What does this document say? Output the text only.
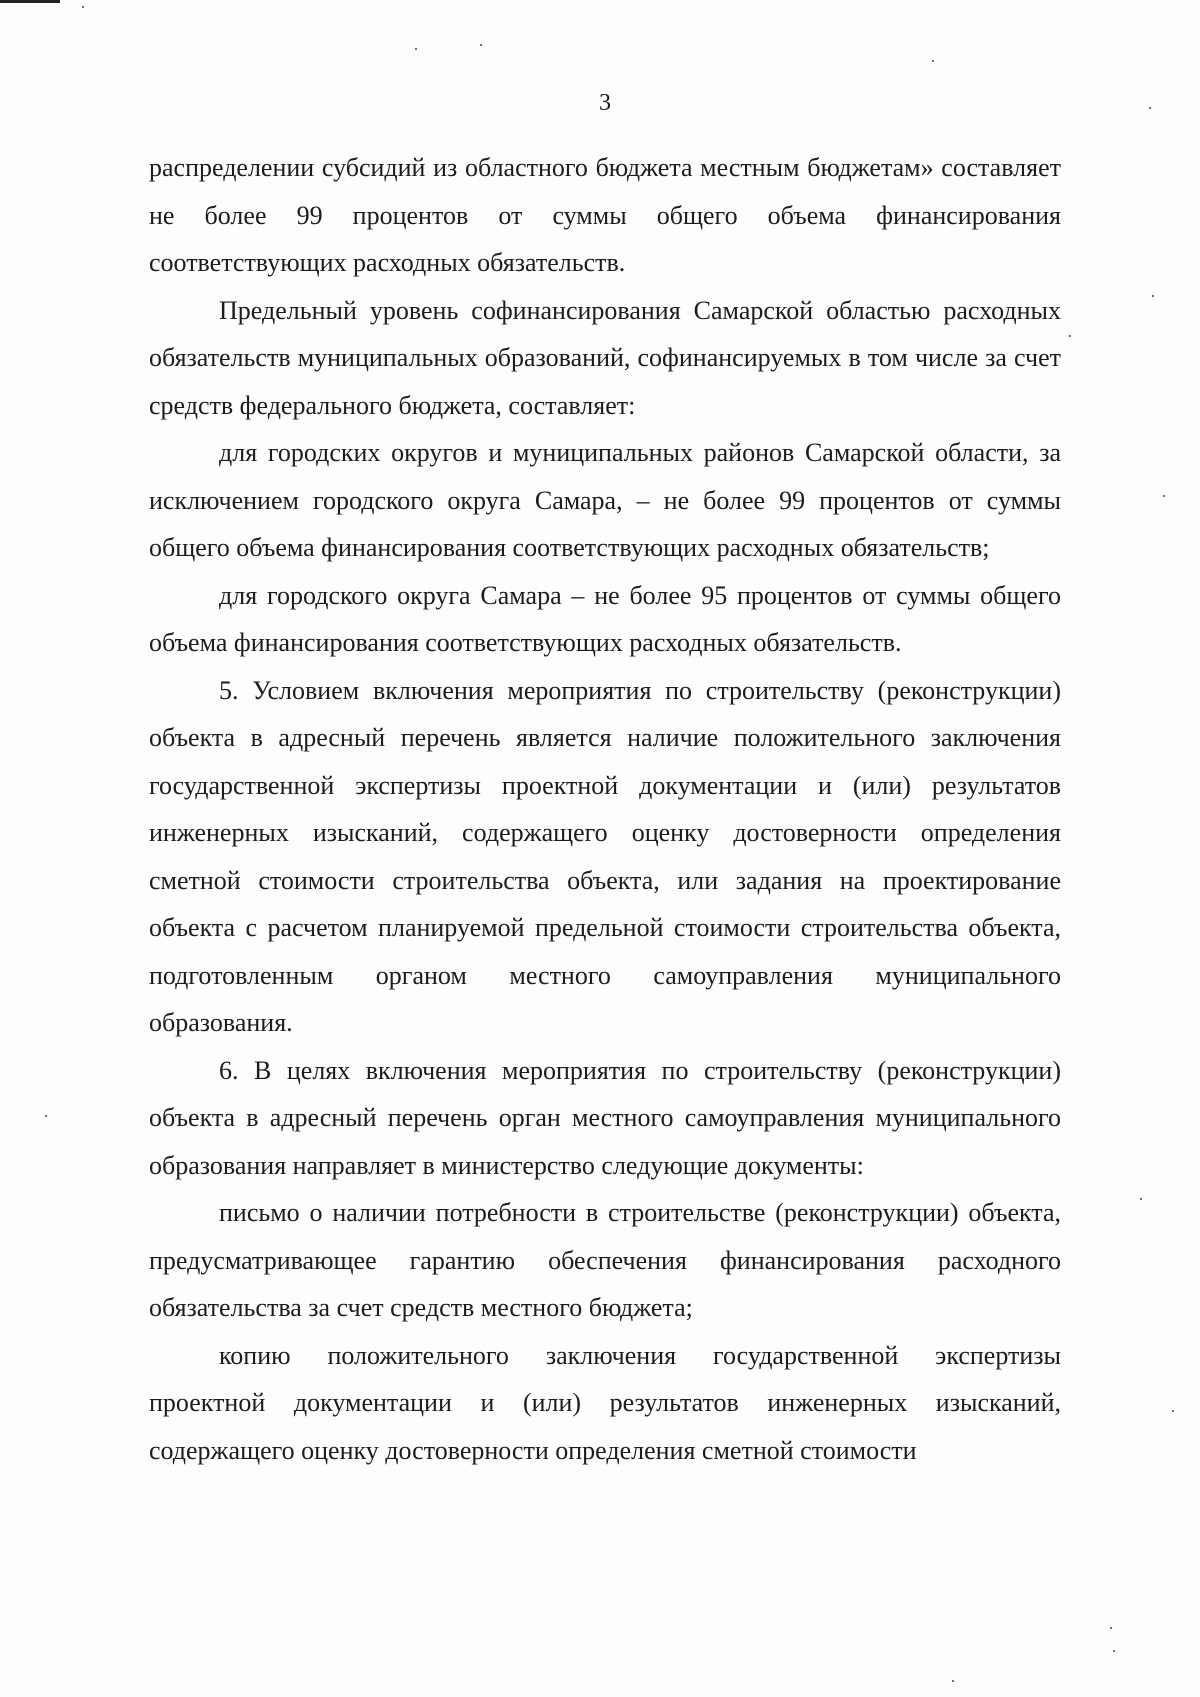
3

распределении субсидий из областного бюджета местным бюджетам» составляет не более 99 процентов от суммы общего объема финансирования соответствующих расходных обязательств.

Предельный уровень софинансирования Самарской областью расходных обязательств муниципальных образований, софинансируемых в том числе за счет средств федерального бюджета, составляет:

для городских округов и муниципальных районов Самарской области, за исключением городского округа Самара, – не более 99 процентов от суммы общего объема финансирования соответствующих расходных обязательств;

для городского округа Самара – не более 95 процентов от суммы общего объема финансирования соответствующих расходных обязательств.

5. Условием включения мероприятия по строительству (реконструкции) объекта в адресный перечень является наличие положительного заключения государственной экспертизы проектной документации и (или) результатов инженерных изысканий, содержащего оценку достоверности определения сметной стоимости строительства объекта, или задания на проектирование объекта с расчетом планируемой предельной стоимости строительства объекта, подготовленным органом местного самоуправления муниципального образования.

6. В целях включения мероприятия по строительству (реконструкции) объекта в адресный перечень орган местного самоуправления муниципального образования направляет в министерство следующие документы:

письмо о наличии потребности в строительстве (реконструкции) объекта, предусматривающее гарантию обеспечения финансирования расходного обязательства за счет средств местного бюджета;

копию положительного заключения государственной экспертизы проектной документации и (или) результатов инженерных изысканий, содержащего оценку достоверности определения сметной стоимости
